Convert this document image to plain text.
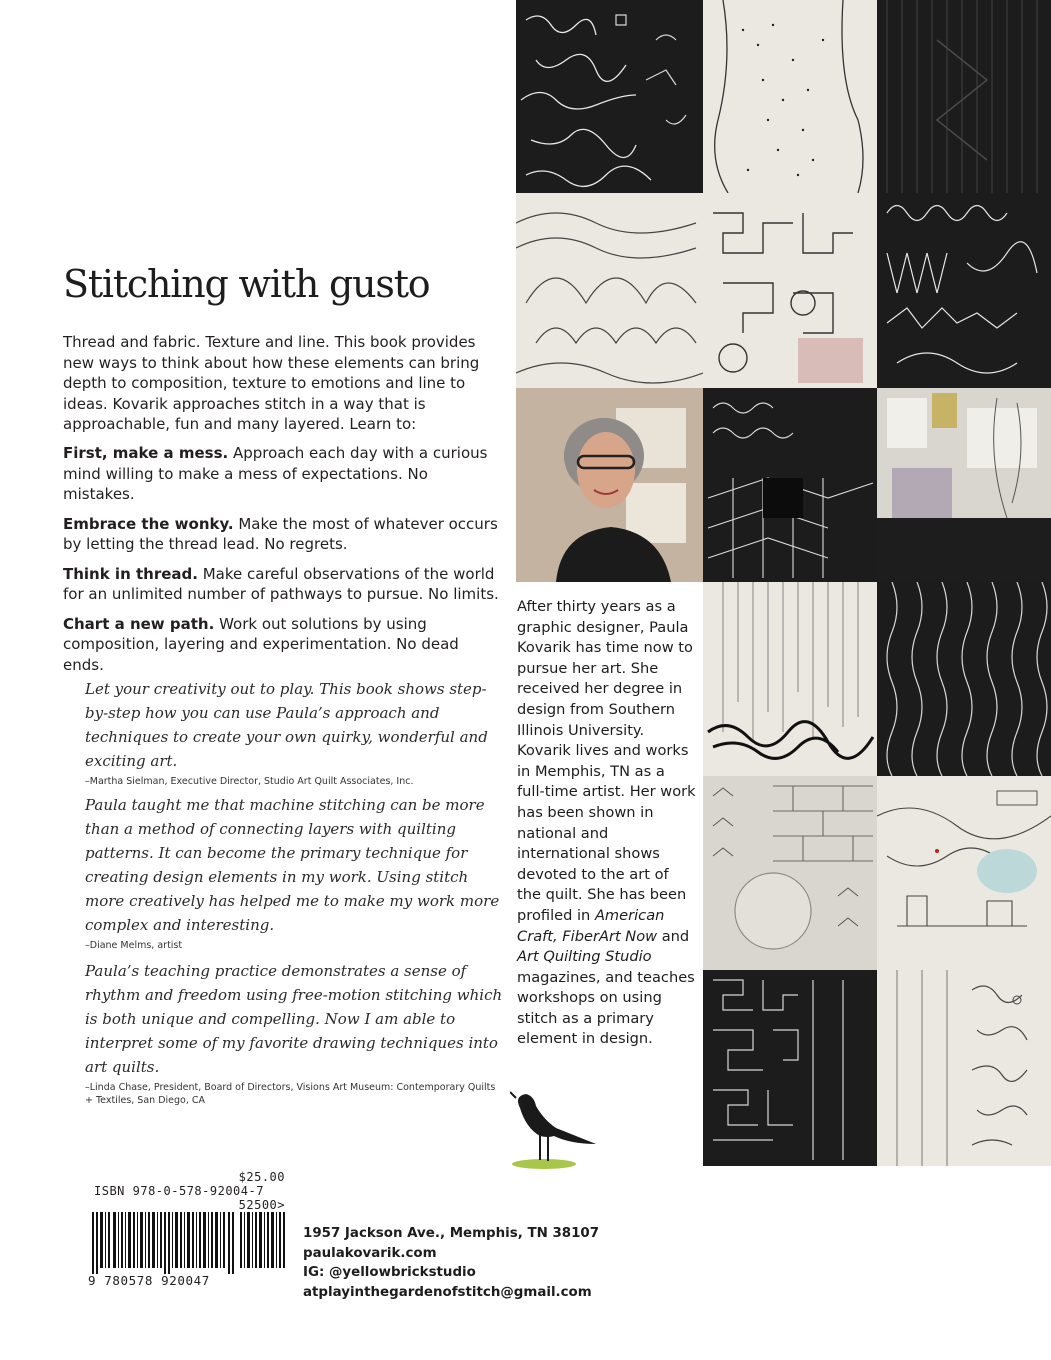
Stitching with gusto

Thread and fabric. Texture and line. This book provides new ways to think about how these elements can bring depth to composition, texture to emotions and line to ideas. Kovarik approaches stitch in a way that is approachable, fun and many layered. Learn to:

First, make a mess. Approach each day with a curious mind willing to make a mess of expectations. No mistakes.

Embrace the wonky. Make the most of whatever occurs by letting the thread lead. No regrets.

Think in thread. Make careful observations of the world for an unlimited number of pathways to pursue. No limits.

Chart a new path. Work out solutions by using composition, layering and experimentation. No dead ends.

Let your creativity out to play. This book shows step-by-step how you can use Paula’s approach and techniques to create your own quirky, wonderful and exciting art.

–Martha Sielman, Executive Director, Studio Art Quilt Associates, Inc.

Paula taught me that machine stitching can be more than a method of connecting layers with quilting patterns. It can become the primary technique for creating design elements in my work. Using stitch more creatively has helped me to make my work more complex and interesting.

–Diane Melms, artist

Paula’s teaching practice demonstrates a sense of rhythm and freedom using free-motion stitching which is both unique and compelling. Now I am able to interpret some of my favorite drawing techniques into art quilts.

–Linda Chase, President, Board of Directors, Visions Art Museum: Contemporary Quilts + Textiles, San Diego, CA

After thirty years as a graphic designer, Paula Kovarik has time now to pursue her art. She received her degree in design from Southern Illinois University. Kovarik lives and works in Memphis, TN as a full-time artist. Her work has been shown in national and international shows devoted to the art of the quilt. She has been profiled in American Craft, FiberArt Now and Art Quilting Studio magazines, and teaches workshops on using stitch as a primary element in design.

$25.00

ISBN 978-0-578-92004-7

52500>

9 780578 920047

1957 Jackson Ave., Memphis, TN 38107

paulakovarik.com

IG: @yellowbrickstudio

atplayinthegardenofstitch@gmail.com
